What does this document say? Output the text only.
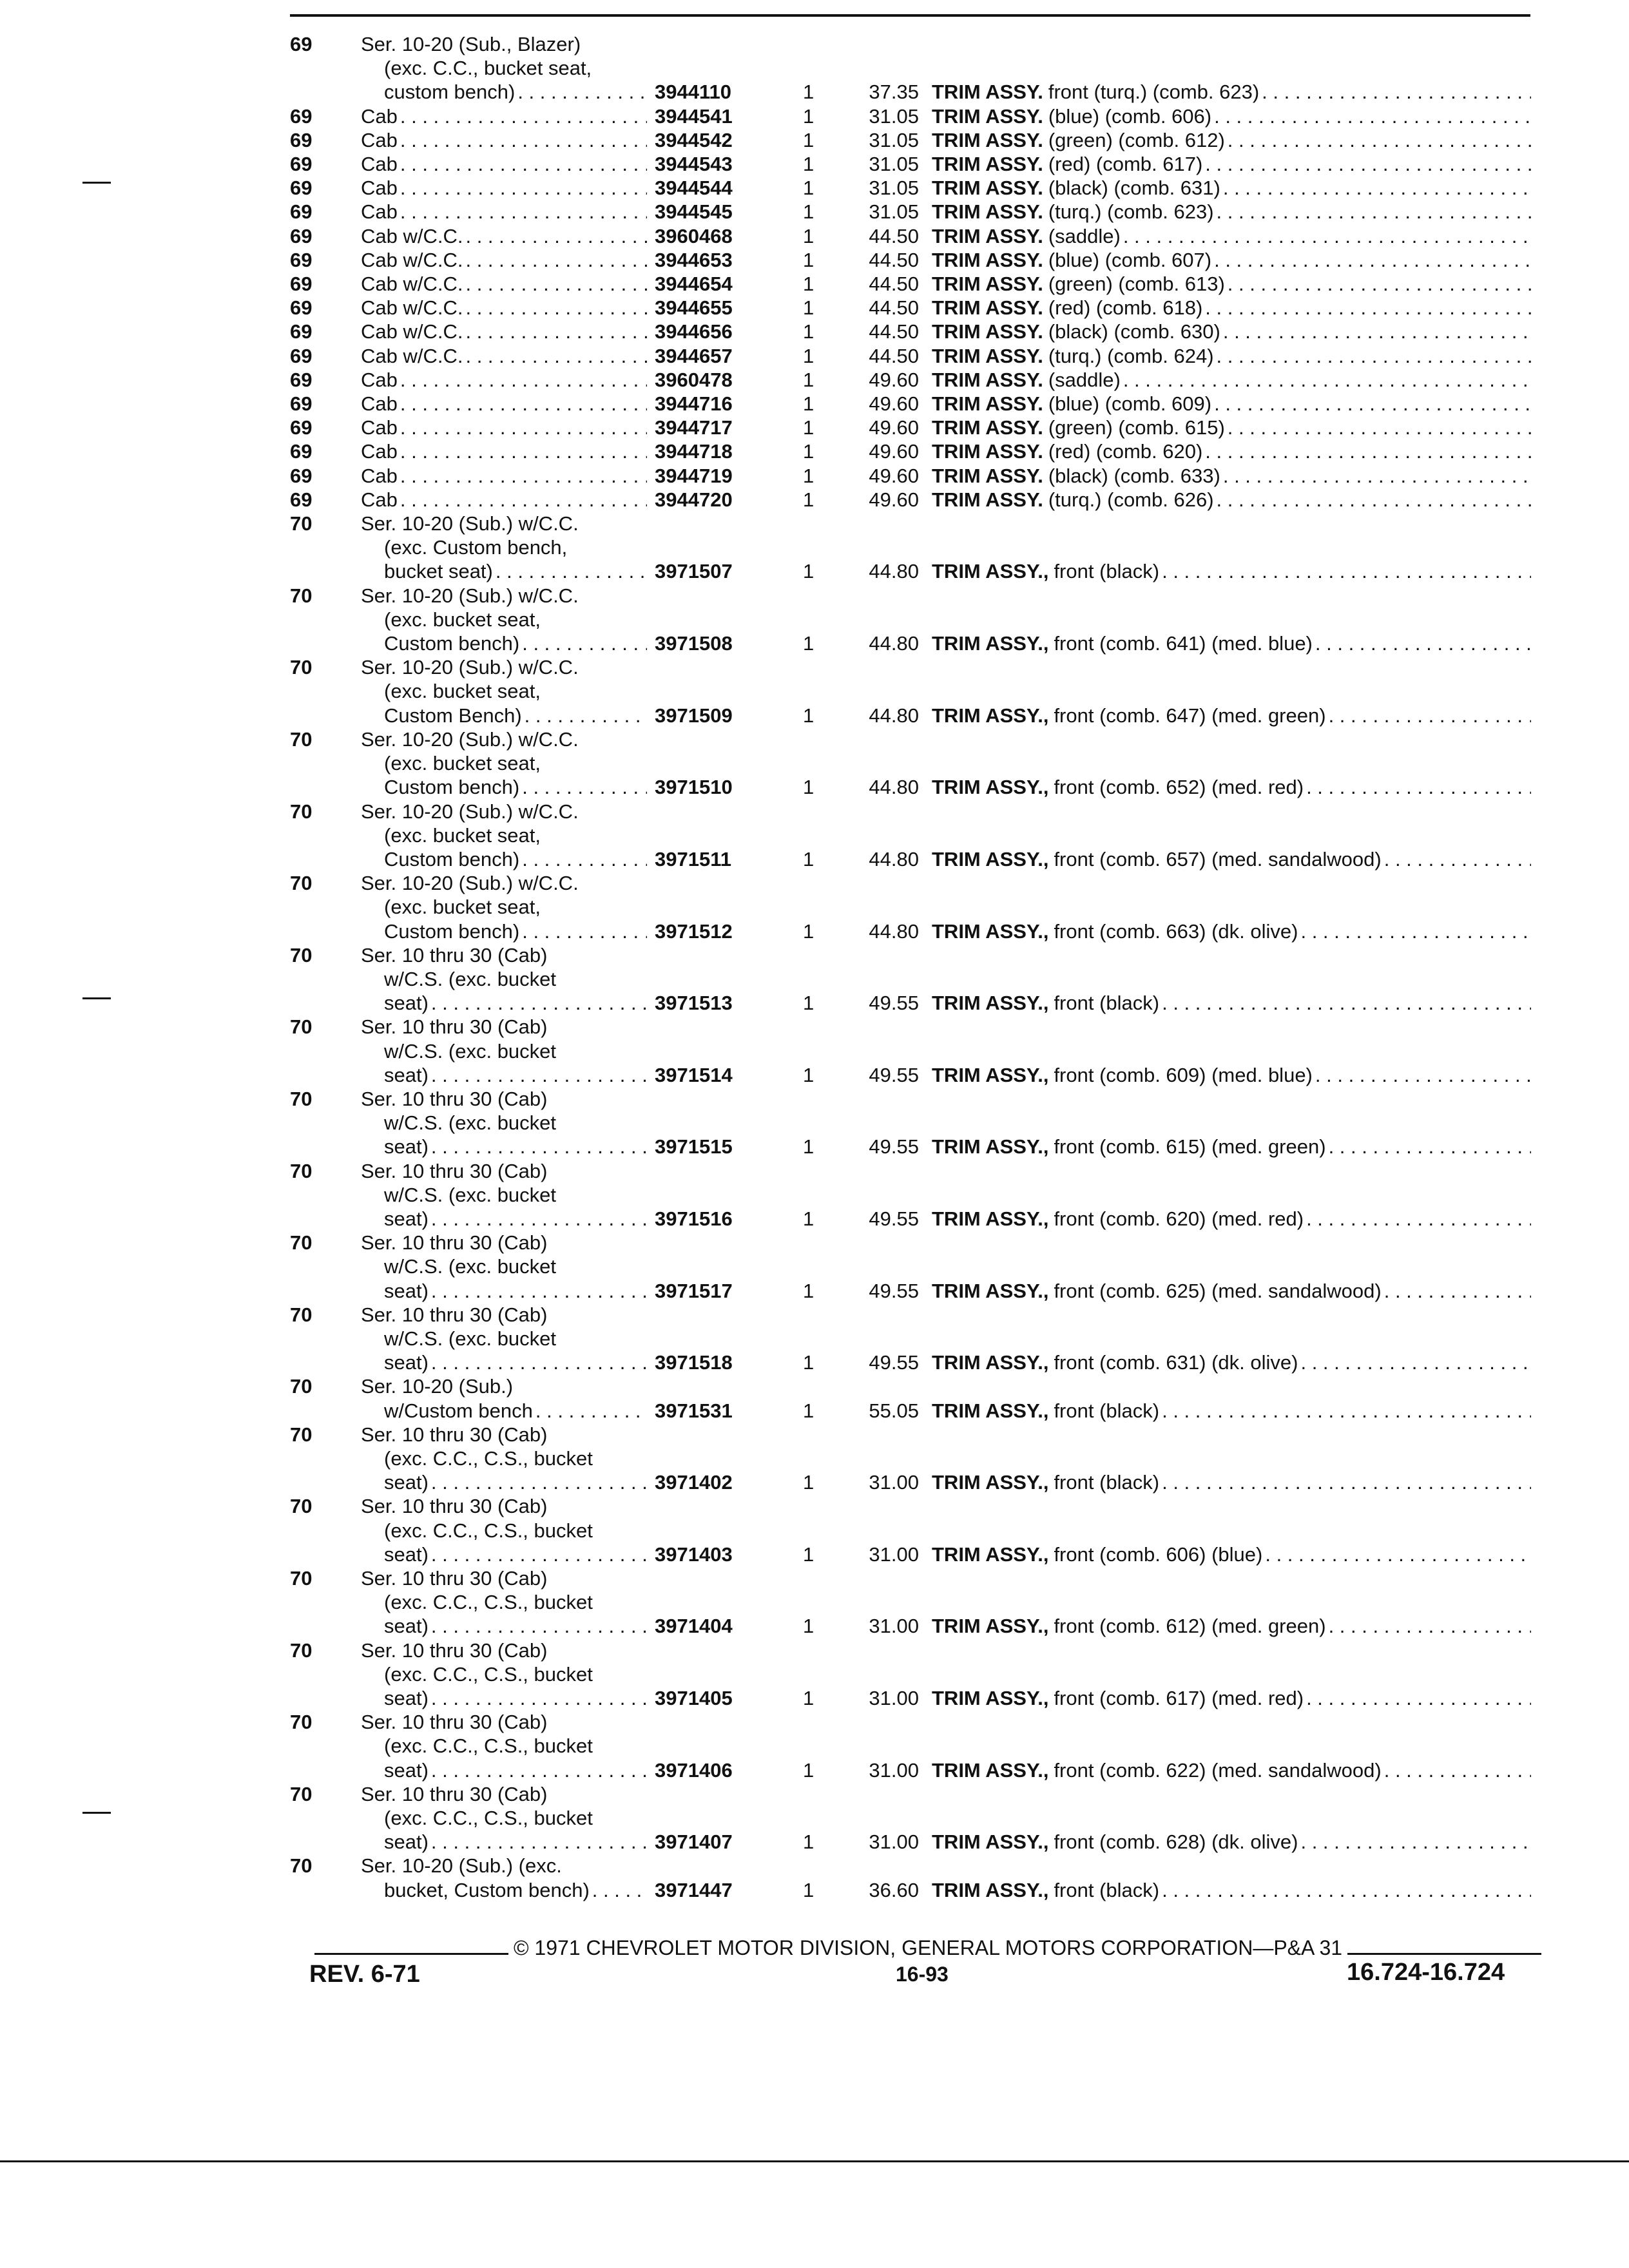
69	Ser. 10-20 (Sub., Blazer)
(exc. C.C., bucket seat,
custom bench) . . .	3944110	1	37.35 TRIM ASSY. front (turq.) (comb. 623)
. . .
69	Cab . . .	3944541	1	31.05 TRIM ASSY. (blue) (comb. 606)
. . .
69	Cab . . .	3944542	1	31.05 TRIM ASSY. (green) (comb. 612)
. . .
69	Cab . . .	3944543	1	31.05 TRIM ASSY. (red) (comb. 617)
. . .
69	Cab . . .	3944544	1	31.05 TRIM ASSY. (black) (comb. 631)
. . .
69	Cab . . .	3944545	1	31.05 TRIM ASSY. (turq.) (comb. 623)
. . .
69	Cab w/C.C. . . .	3960468	1	44.50 TRIM ASSY. (saddle)
. . .
69	Cab w/C.C. . . .	3944653	1	44.50 TRIM ASSY. (blue) (comb. 607)
. . .
69	Cab w/C.C. . . .	3944654	1	44.50 TRIM ASSY. (green) (comb. 613)
. . .
69	Cab w/C.C. . . .	3944655	1	44.50 TRIM ASSY. (red) (comb. 618)
. . .
69	Cab w/C.C. . . .	3944656	1	44.50 TRIM ASSY. (black) (comb. 630)
. . .
69	Cab w/C.C. . . .	3944657	1	44.50 TRIM ASSY. (turq.) (comb. 624)
. . .
69	Cab . . .	3960478	1	49.60 TRIM ASSY. (saddle)
. . .
69	Cab . . .	3944716	1	49.60 TRIM ASSY. (blue) (comb. 609)
. . .
69	Cab . . .	3944717	1	49.60 TRIM ASSY. (green) (comb. 615)
. . .
69	Cab . . .	3944718	1	49.60 TRIM ASSY. (red) (comb. 620)
. . .
69	Cab . . .	3944719	1	49.60 TRIM ASSY. (black) (comb. 633)
. . .
69	Cab . . .	3944720	1	49.60 TRIM ASSY. (turq.) (comb. 626)
. . .
70	Ser. 10-20 (Sub.) w/C.C.
(exc. Custom bench,
bucket seat) . . .	3971507	1	44.80 TRIM ASSY., front (black)
. . .
70	Ser. 10-20 (Sub.) w/C.C.
(exc. bucket seat,
Custom bench) . . .	3971508	1	44.80 TRIM ASSY., front (comb. 641) (med. blue)
. . .
70	Ser. 10-20 (Sub.) w/C.C.
(exc. bucket seat,
Custom Bench) . . .	3971509	1	44.80 TRIM ASSY., front (comb. 647) (med. green)
. . .
70	Ser. 10-20 (Sub.) w/C.C.
(exc. bucket seat,
Custom bench) . . .	3971510	1	44.80 TRIM ASSY., front (comb. 652) (med. red)
. . .
70	Ser. 10-20 (Sub.) w/C.C.
(exc. bucket seat,
Custom bench) . . .	3971511	1	44.80 TRIM ASSY., front (comb. 657) (med. sandalwood)
. . .
70	Ser. 10-20 (Sub.) w/C.C.
(exc. bucket seat,
Custom bench) . . .	3971512	1	44.80 TRIM ASSY., front (comb. 663) (dk. olive)
. . .
70	Ser. 10 thru 30 (Cab)
w/C.S. (exc. bucket
seat) . . .	3971513	1	49.55 TRIM ASSY., front (black)
. . .
70	Ser. 10 thru 30 (Cab)
w/C.S. (exc. bucket
seat) . . .	3971514	1	49.55 TRIM ASSY., front (comb. 609) (med. blue)
. . .
70	Ser. 10 thru 30 (Cab)
w/C.S. (exc. bucket
seat) . . .	3971515	1	49.55 TRIM ASSY., front (comb. 615) (med. green)
. . .
70	Ser. 10 thru 30 (Cab)
w/C.S. (exc. bucket
seat) . . .	3971516	1	49.55 TRIM ASSY., front (comb. 620) (med. red)
. . .
70	Ser. 10 thru 30 (Cab)
w/C.S. (exc. bucket
seat) . . .	3971517	1	49.55 TRIM ASSY., front (comb. 625) (med. sandalwood)
. . .
70	Ser. 10 thru 30 (Cab)
w/C.S. (exc. bucket
seat) . . .	3971518	1	49.55 TRIM ASSY., front (comb. 631) (dk. olive)
. . .
70	Ser. 10-20 (Sub.)
w/Custom bench . . .	3971531	1	55.05 TRIM ASSY., front (black)
. . .
70	Ser. 10 thru 30 (Cab)
(exc. C.C., C.S., bucket
seat) . . .	3971402	1	31.00 TRIM ASSY., front (black)
. . .
70	Ser. 10 thru 30 (Cab)
(exc. C.C., C.S., bucket
seat) . . .	3971403	1	31.00 TRIM ASSY., front (comb. 606) (blue)
. . .
70	Ser. 10 thru 30 (Cab)
(exc. C.C., C.S., bucket
seat) . . .	3971404	1	31.00 TRIM ASSY., front (comb. 612) (med. green)
. . .
70	Ser. 10 thru 30 (Cab)
(exc. C.C., C.S., bucket
seat) . . .	3971405	1	31.00 TRIM ASSY., front (comb. 617) (med. red)
. . .
70	Ser. 10 thru 30 (Cab)
(exc. C.C., C.S., bucket
seat) . . .	3971406	1	31.00 TRIM ASSY., front (comb. 622) (med. sandalwood)
. . .
70	Ser. 10 thru 30 (Cab)
(exc. C.C., C.S., bucket
seat) . . .	3971407	1	31.00 TRIM ASSY., front (comb. 628) (dk. olive)
. . .
70	Ser. 10-20 (Sub.) (exc.
bucket, Custom bench) . . .	3971447	1	36.60 TRIM ASSY., front (black)
. . .
© 1971 CHEVROLET MOTOR DIVISION, GENERAL MOTORS CORPORATION—P&A 31
REV. 6-71	16-93	16.724-16.724
